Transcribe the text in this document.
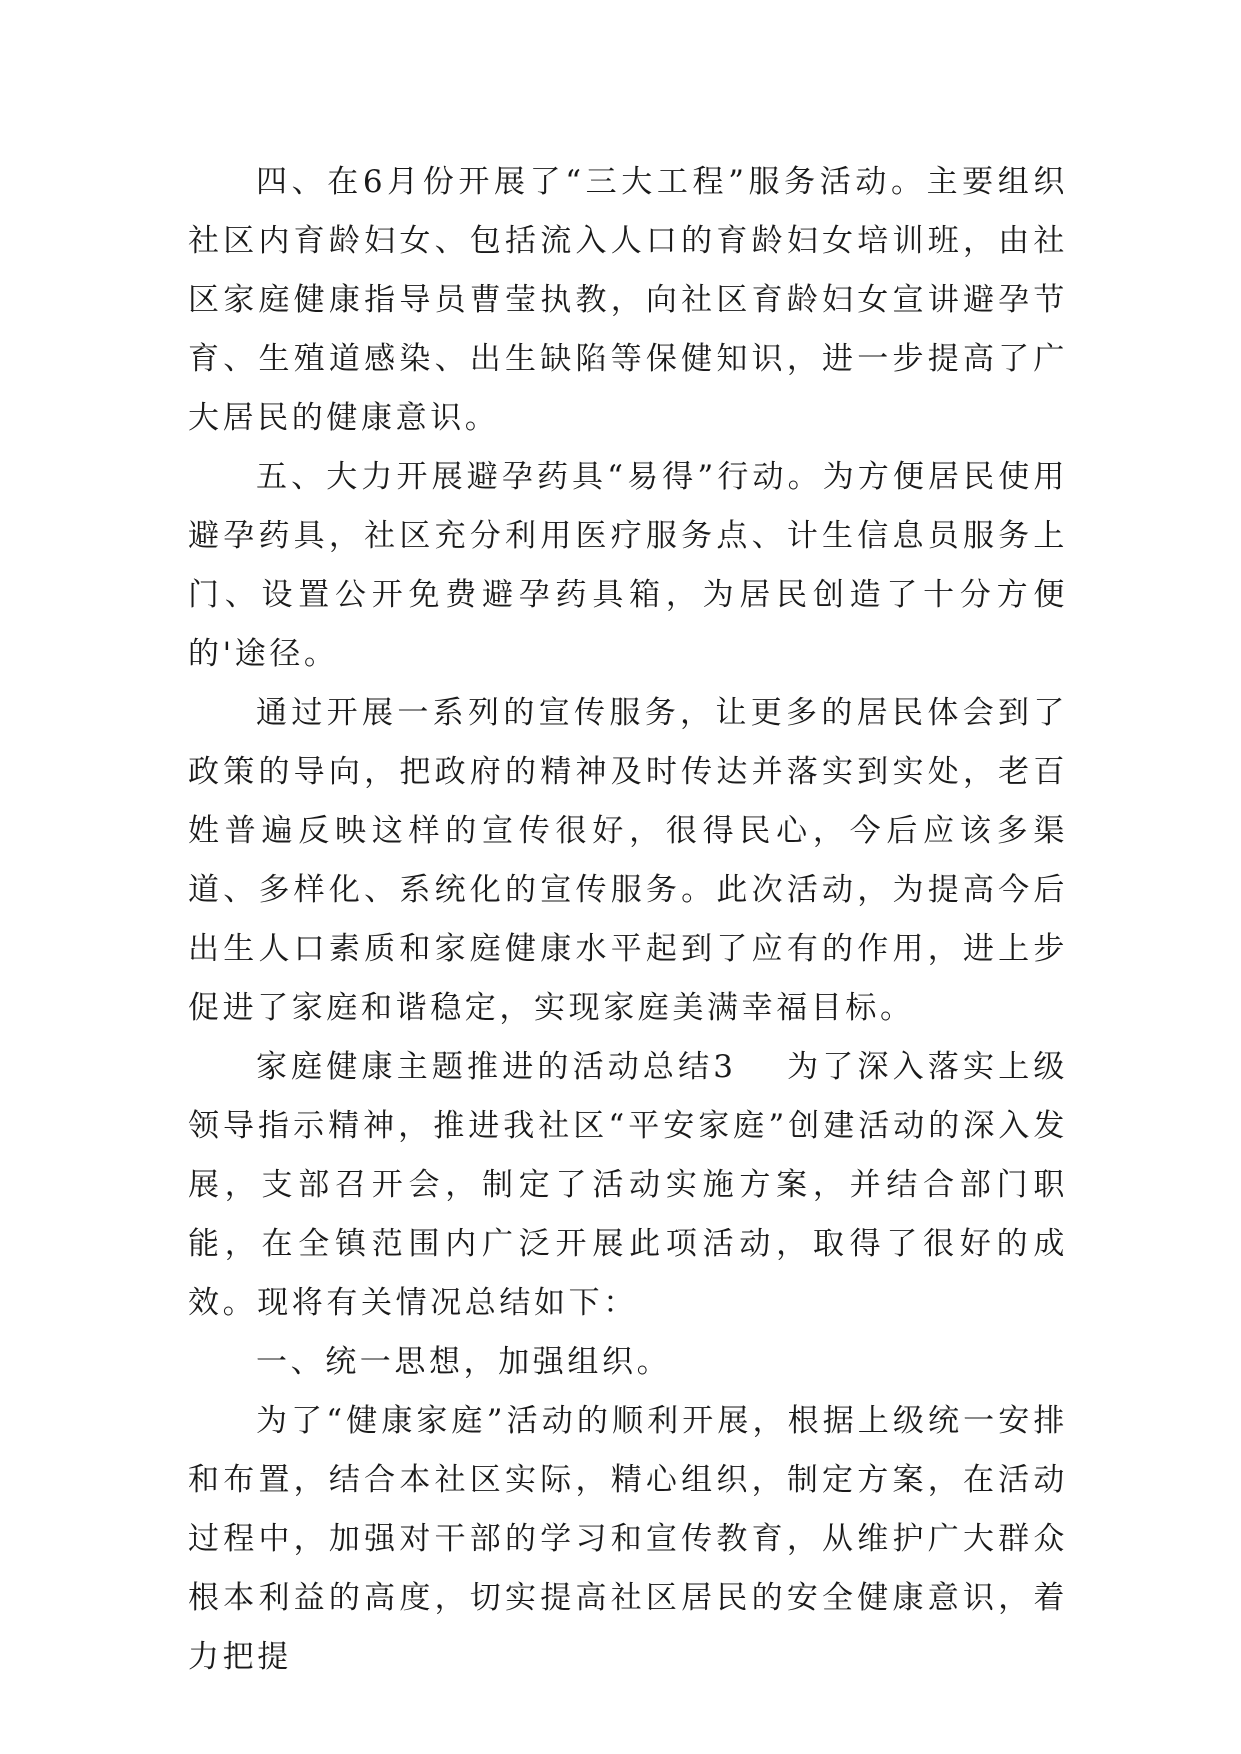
四、在6月份开展了“三大工程”服务活动。主要组织社区内育龄妇女、包括流入人口的育龄妇女培训班，由社区家庭健康指导员曹莹执教，向社区育龄妇女宣讲避孕节育、生殖道感染、出生缺陷等保健知识，进一步提高了广大居民的健康意识。

五、大力开展避孕药具“易得”行动。为方便居民使用避孕药具，社区充分利用医疗服务点、计生信息员服务上门、设置公开免费避孕药具箱，为居民创造了十分方便的'途径。

通过开展一系列的宣传服务，让更多的居民体会到了政策的导向，把政府的精神及时传达并落实到实处，老百姓普遍反映这样的宣传很好，很得民心，今后应该多渠道、多样化、系统化的宣传服务。此次活动，为提高今后出生人口素质和家庭健康水平起到了应有的作用，进上步促进了家庭和谐稳定，实现家庭美满幸福目标。

家庭健康主题推进的活动总结3 为了深入落实上级领导指示精神，推进我社区“平安家庭”创建活动的深入发展，支部召开会，制定了活动实施方案，并结合部门职能，在全镇范围内广泛开展此项活动，取得了很好的成效。现将有关情况总结如下：

一、统一思想，加强组织。

为了“健康家庭”活动的顺利开展，根据上级统一安排和布置，结合本社区实际，精心组织，制定方案，在活动过程中，加强对干部的学习和宣传教育，从维护广大群众根本利益的高度，切实提高社区居民的安全健康意识，着力把提
